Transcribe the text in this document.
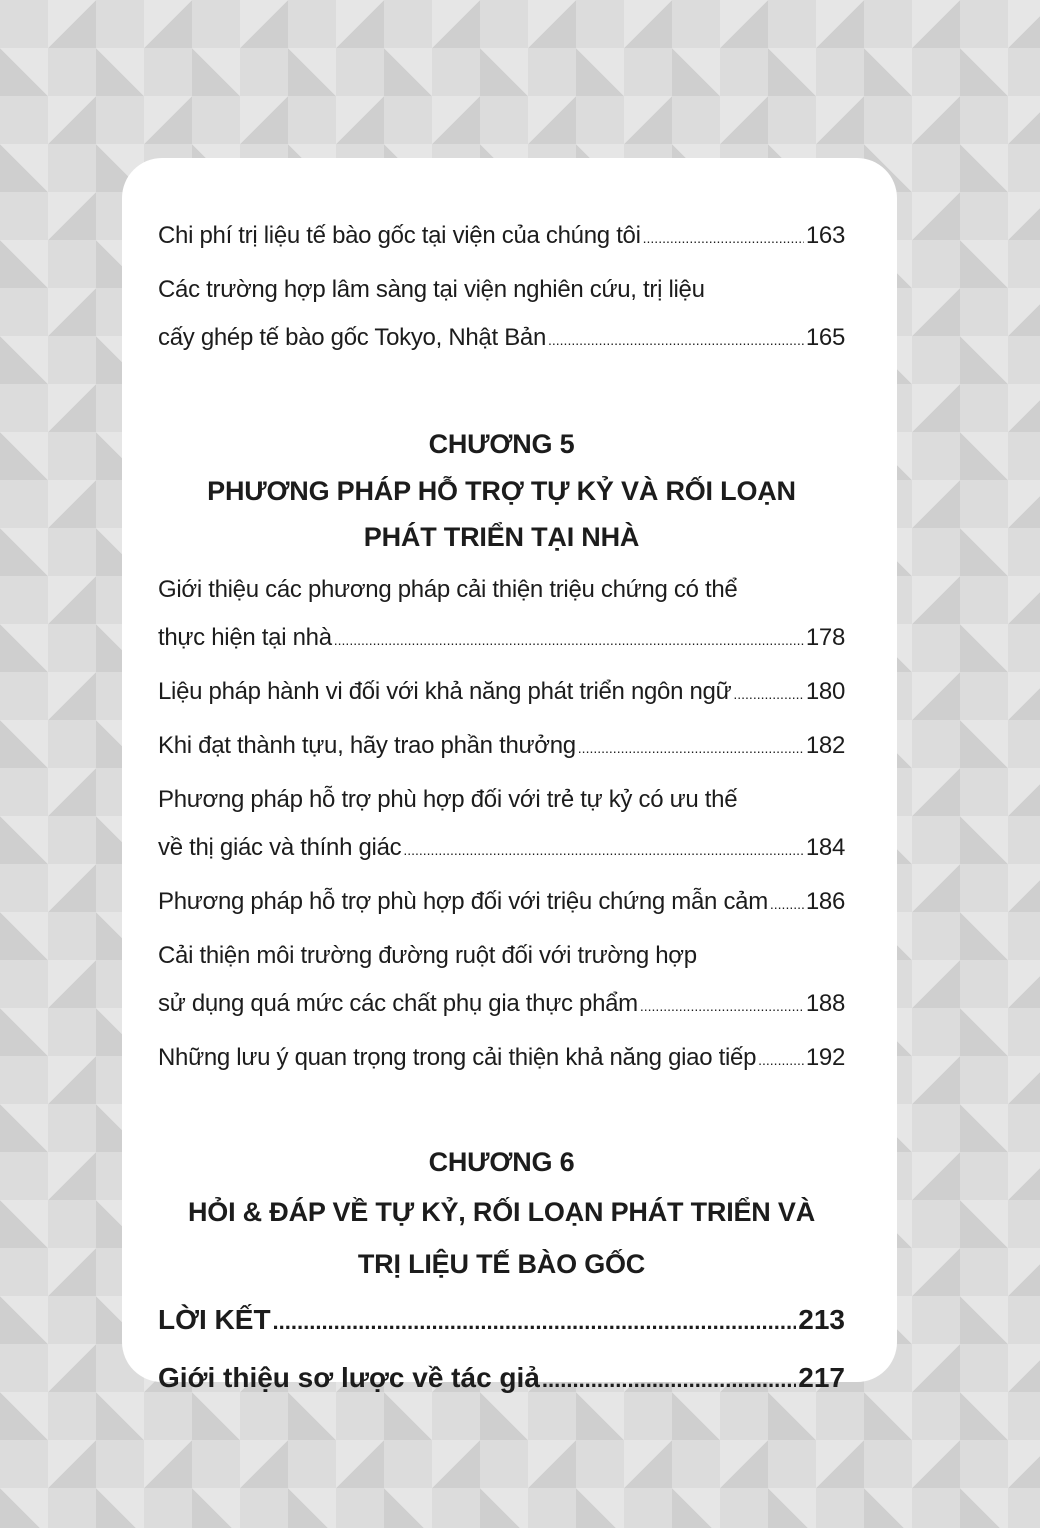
Chi phí trị liệu tế bào gốc tại viện của chúng tôi .....	163
Các trường hợp lâm sàng tại viện nghiên cứu, trị liệu
cấy ghép tế bào gốc Tokyo, Nhật Bản .....	165
CHƯƠNG 5
PHƯƠNG PHÁP HỖ TRỢ TỰ KỶ VÀ RỐI LOẠN PHÁT TRIỂN TẠI NHÀ
Giới thiệu các phương pháp cải thiện triệu chứng có thể
thực hiện tại nhà .....	178
Liệu pháp hành vi đối với khả năng phát triển ngôn ngữ .....	180
Khi đạt thành tựu, hãy trao phần thưởng .....	182
Phương pháp hỗ trợ phù hợp đối với trẻ tự kỷ có ưu thế
về thị giác và thính giác .....	184
Phương pháp hỗ trợ phù hợp đối với triệu chứng mẫn cảm ..... 186
Cải thiện môi trường đường ruột đối với trường hợp
sử dụng quá mức các chất phụ gia thực phẩm .....	188
Những lưu ý quan trọng trong cải thiện khả năng giao tiếp ..... 192
CHƯƠNG 6
HỎI & ĐÁP VỀ TỰ KỶ, RỐI LOẠN PHÁT TRIỂN VÀ TRỊ LIỆU TẾ BÀO GỐC
LỜI KẾT .....	213
Giới thiệu sơ lược về tác giả .....	217
